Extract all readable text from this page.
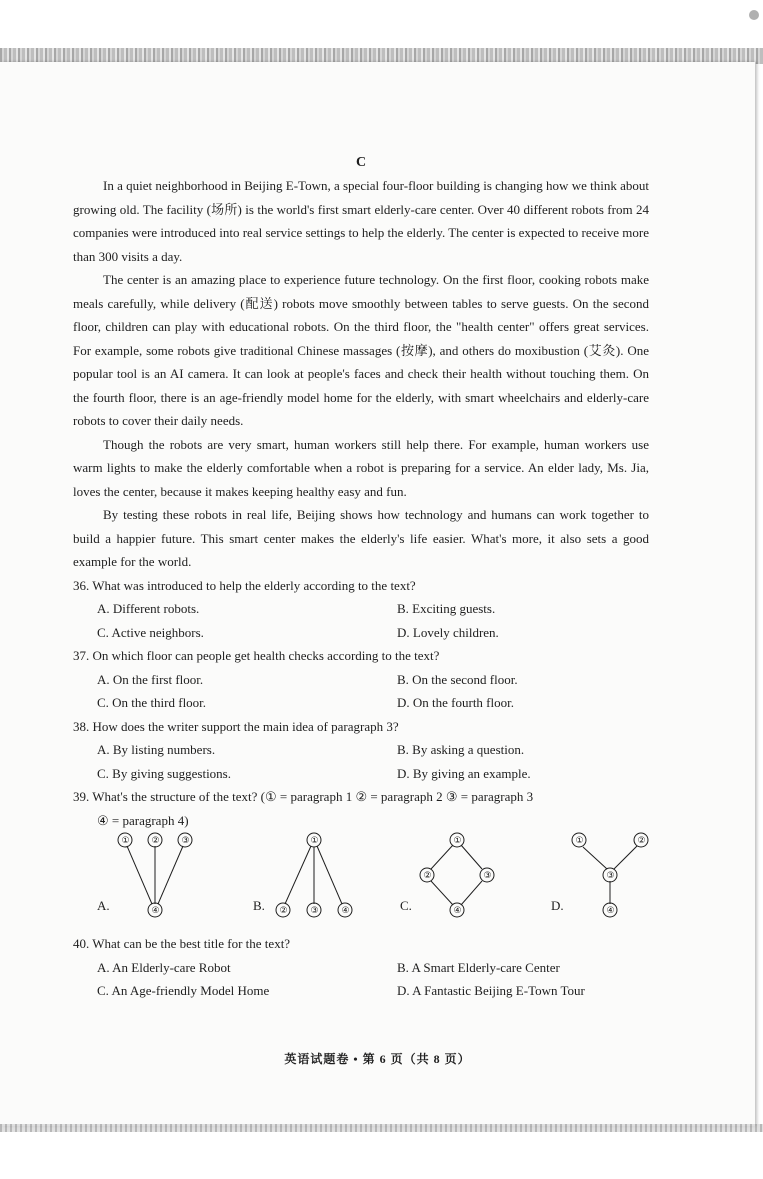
C

In a quiet neighborhood in Beijing E-Town, a special four-floor building is changing how we think about growing old. The facility (场所) is the world's first smart elderly-care center. Over 40 different robots from 24 companies were introduced into real service settings to help the elderly. The center is expected to receive more than 300 visits a day.

The center is an amazing place to experience future technology. On the first floor, cooking robots make meals carefully, while delivery (配送) robots move smoothly between tables to serve guests. On the second floor, children can play with educational robots. On the third floor, the "health center" offers great services. For example, some robots give traditional Chinese massages (按摩), and others do moxibustion (艾灸). One popular tool is an AI camera. It can look at people's faces and check their health without touching them. On the fourth floor, there is an age-friendly model home for the elderly, with smart wheelchairs and elderly-care robots to cover their daily needs.

Though the robots are very smart, human workers still help there. For example, human workers use warm lights to make the elderly comfortable when a robot is preparing for a service. An elder lady, Ms. Jia, loves the center, because it makes keeping healthy easy and fun.

By testing these robots in real life, Beijing shows how technology and humans can work together to build a happier future. This smart center makes the elderly's life easier. What's more, it also sets a good example for the world.

36. What was introduced to help the elderly according to the text?

A. Different robots.	B. Exciting guests.
C. Active neighbors.	D. Lovely children.

37. On which floor can people get health checks according to the text?

A. On the first floor.	B. On the second floor.
C. On the third floor.	D. On the fourth floor.

38. How does the writer support the main idea of paragraph 3?

A. By listing numbers.	B. By asking a question.
C. By giving suggestions.	D. By giving an example.

39. What's the structure of the text? (① = paragraph 1 ② = paragraph 2 ③ = paragraph 3

④ = paragraph 4)

A.
① ② ③
④	B.
①
②	③	④	C.
①
②	③
④	D.
①	②
③
④

40. What can be the best title for the text?

A. An Elderly-care Robot	B. A Smart Elderly-care Center
C. An Age-friendly Model Home	D. A Fantastic Beijing E-Town Tour
英语试题卷 • 第 6 页（共 8 页）
